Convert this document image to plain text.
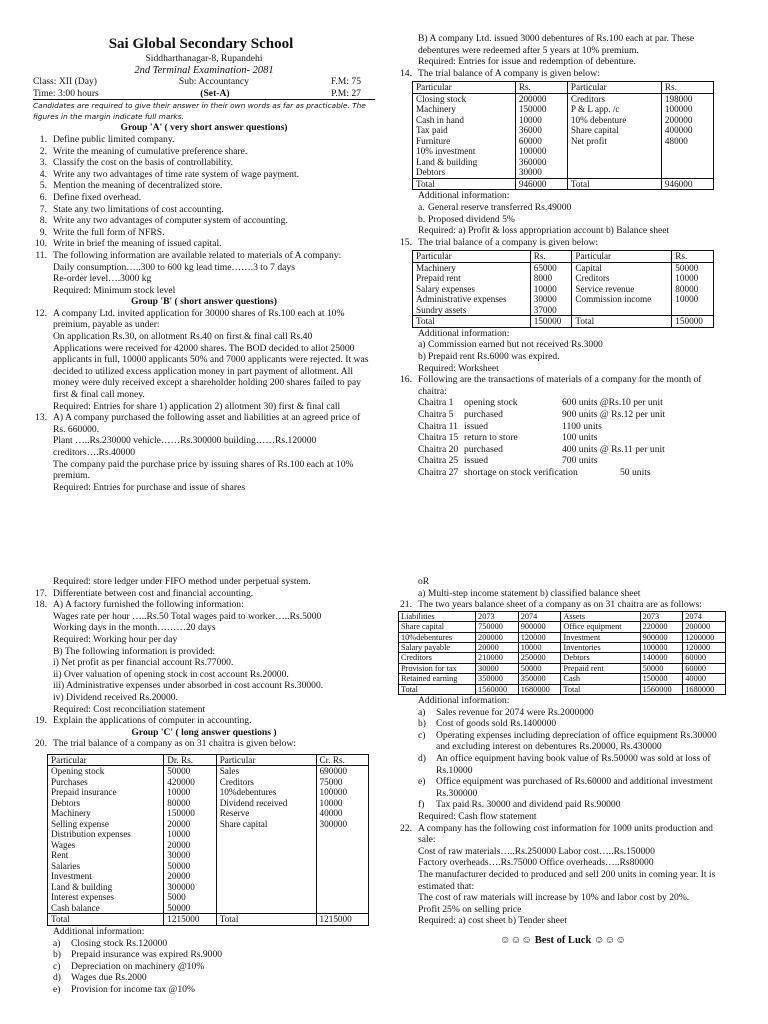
Sai Global Secondary School
Siddharthanagar-8, Rupandehi
2nd Terminal Examination- 2081
Class: XII (Day)	Sub: Accountancy	F.M: 75
Time: 3:00 hours	(Set-A)	P.M: 27
Candidates are required to give their answer in their own words as far as practicable. The figures in the margin indicate full marks.
Group 'A' ( very short answer questions)
1. Define public limited company.
2. Write the meaning of cumulative preference share.
3. Classify the cost on the basis of controllability.
4. Write any two advantages of time rate system of wage payment.
5. Mention the meaning of decentralized store.
6. Define fixed overhead.
7. State any two limitations of cost accounting.
8. Write any two advantages of computer system of accounting.
9. Write the full form of NFRS.
10. Write in brief the meaning of issued capital.
11. The following information are available related to materials of A company:
Daily consumption…..300 to 600 kg lead time…….3 to 7 days
Re-order level….3000 kg
Required: Minimum stock level
Group 'B' ( short answer questions)
12. A company Ltd. invited application for 30000 shares of Rs.100 each at 10% premium, payable as under:
On application Rs.30, on allotment Rs.40 on first & final call Rs.40
Applications were received for 42000 shares. The BOD decided to allot 25000 applicants in full, 10000 applicants 50% and 7000 applicants were rejected. It was decided to utilized excess application money in part payment of allotment. All money were duly received except a shareholder holding 200 shares failed to pay first & final call money.
Required: Entries for share 1) application 2) allotment 30) first & final call
13. A) A company purchased the following asset and liabilities at an agreed price of Rs. 660000.
Plant …..Rs.230000 vehicle……Rs.300000 building……Rs.120000
creditors….Rs.40000
The company paid the purchase price by issuing shares of Rs.100 each at 10% premium.
Required: Entries for purchase and issue of shares
B) A company Ltd. issued 3000 debentures of Rs.100 each at par. These debentures were redeemed after 5 years at 10% premium.
Required: Entries for issue and redemption of debenture.
14. The trial balance of A company is given below:
Particular	Rs.	Particular	Rs.
Closing stock	200000	Creditors	198000
Machinery	150000	P & L app. /c	100000
Cash in hand	10000	10% debenture	200000
Tax paid	36000	Share capital	400000
Furniture	60000	Net profit	48000
10% investment	100000		
Land & building	360000		
Debtors	30000		
Total	946000	Total	946000
Additional information:
a. General reserve transferred Rs.49000
b. Proposed dividend 5%
Required: a) Profit & loss appropriation account b) Balance sheet
15. The trial balance of a company is given below:
Particular	Rs.	Particular	Rs.
Machinery	65000	Capital	50000
Prepaid rent	8000	Creditors	10000
Salary expenses	10000	Service revenue	80000
Administrative expenses	30000	Commission income	10000
Sundry assets	37000		
Total	150000	Total	150000
Additional information:
a) Commission earned but not received Rs.3000
b) Prepaid rent Rs.6000 was expired.
Required: Worksheet
16. Following are the transactions of materials of a company for the month of chaitra:
Chaitra 1	opening stock	600 units @Rs.10 per unit
Chaitra 5	purchased	900 units @ Rs.12 per unit
Chaitra 11 issued	1100 units
Chaitra 15 return to store	100 units
Chaitra 20 purchased	400 units @ Rs.11 per unit
Chaitra 25 issued	700 units
Chaitra 27 shortage on stock verification	50 units
Required: store ledger under FIFO method under perpetual system.
17. Differentiate between cost and financial accounting.
18. A) A factory furnished the following information:
Wages rate per hour …..Rs.50 Total wages paid to worker…..Rs.5000
Working days in the month………20 days
Required: Working hour per day
B) The following information is provided:
i) Net profit as per financial account Rs.77000.
ii) Over valuation of opening stock in cost account Rs.20000.
iii) Administrative expenses under absorbed in cost account Rs.30000.
iv) Dividend received Rs.20000.
Required: Cost reconciliation statement
19. Explain the applications of computer in accounting.
Group 'C' ( long answer questions )
20. The trial balance of a company as on 31 chaitra is given below:
Particular	Dr. Rs.	Particular	Cr. Rs.
Opening stock	50000	Sales	690000
Purchases	420000	Creditors	75000
Prepaid insurance	10000	10%debentures	100000
Debtors	80000	Dividend received	10000
Machinery	150000	Reserve	40000
Selling expense	20000	Share capital	300000
Distribution expenses	10000		
Wages	20000		
Rent	30000		
Salaries	50000		
Investment	20000		
Land & building	300000		
Interest expenses	5000		
Cash balance	50000		
Total	1215000	Total	1215000
Additional information:
a)	Closing stock Rs.120000
b)	Prepaid insurance was expired Rs.9000
c)	Depreciation on machinery @10%
d)	Wages due Rs.2000
e)	Provision for income tax @10%
oR
a) Multi-step income statement b) classified balance sheet
21. The two years balance sheet of a company as on 31 chaitra are as follows:
Liabilities	2073	2074	Assets	2073	2074
Share capital	750000	900000	Office equipment	220000	200000
10%debentures	200000	120000	Investment	900000	1200000
Salary payable	20000	10000	Inventories	100000	120000
Creditors	210000	250000	Debtors	140000	60000
Provision for tax	30000	50000	Prepaid rent	50000	60000
Retained earning	350000	350000	Cash	150000	40000
Total	1560000	1680000	Total	1560000	1680000
Additional information:
a)	Sales revenue for 2074 were Rs.2000000
b)	Cost of goods sold Rs.1400000
c)	Operating expenses including depreciation of office equipment Rs.30000 and excluding interest on debentures Rs.20000, Rs.430000
d)	An office equipment having book value of Rs.50000 was sold at loss of Rs.10000
e)	Office equipment was purchased of Rs.60000 and additional investment Rs.300000
f)	Tax paid Rs. 30000 and dividend paid Rs.90000
Required: Cash flow statement
22. A company has the following cost information for 1000 units production and sale:
Cost of raw materials…..Rs.250000 Labor cost…..Rs.150000
Factory overheads….Rs.75000 Office overheads…..Rs80000
The manufacturer decided to produced and sell 200 units in coming year. It is estimated that:
The cost of raw materials will increase by 10% and labor cost by 20%.
Profit 25% on selling price
Required: a) cost sheet b) Tender sheet
☺☺☺ Best of Luck ☺☺☺
